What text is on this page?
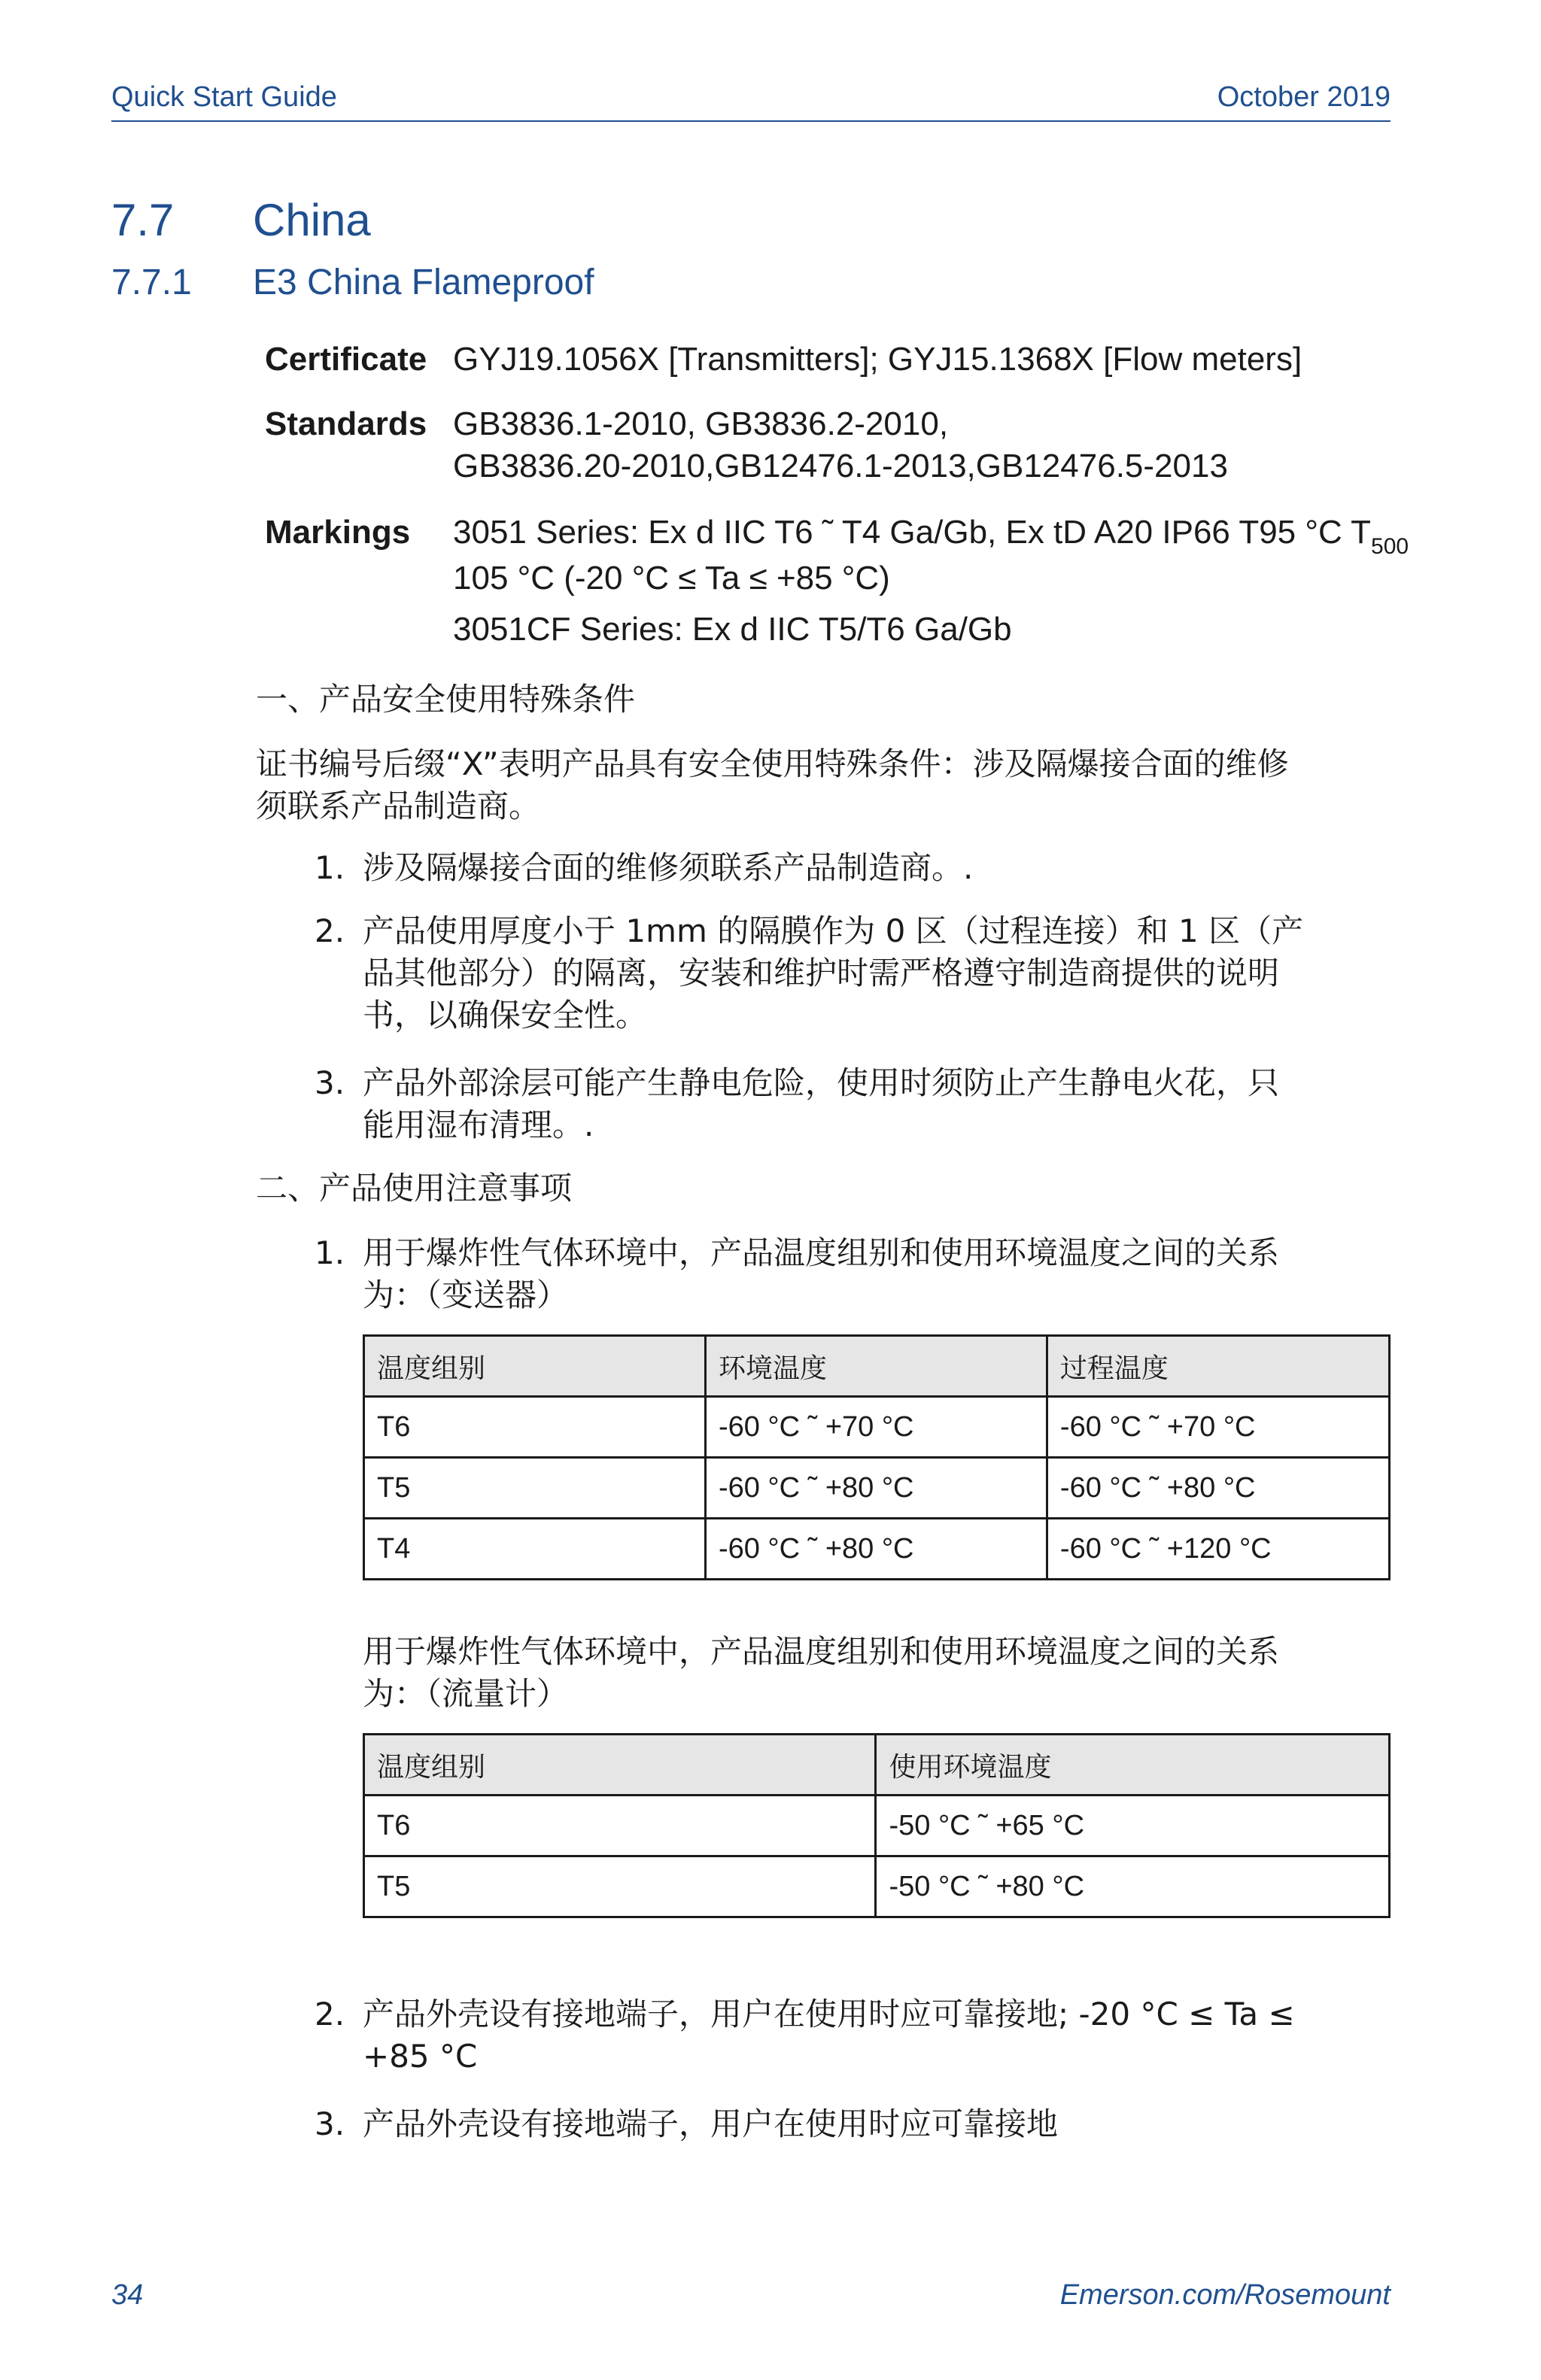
Quick Start Guide	October 2019
7.7 China
7.7.1 E3 China Flameproof
Certificate GYJ19.1056X [Transmitters]; GYJ15.1368X [Flow meters]
Standards GB3836.1-2010, GB3836.2-2010,
GB3836.20-2010,GB12476.1-2013,GB12476.5-2013
Markings 3051 Series: Ex d IIC T6 ˜ T4 Ga/Gb, Ex tD A20 IP66 T95 °C $T_{500}$
105 °C (-20 °C ≤ Ta ≤ +85 °C)
3051CF Series: Ex d IIC T5/T6 Ga/Gb
一、产品安全使用特殊条件
证书编号后缀“X”表明产品具有安全使用特殊条件：涉及隔爆接合面的维修
须联系产品制造商。
1. 涉及隔爆接合面的维修须联系产品制造商。.
2. 产品使用厚度小于 1mm 的隔膜作为 0 区（过程连接）和 1 区（产
品其他部分）的隔离，安装和维护时需严格遵守制造商提供的说明
书，以确保安全性。
3. 产品外部涂层可能产生静电危险，使用时须防止产生静电火花，只
能用湿布清理。.
二、产品使用注意事项
1. 用于爆炸性气体环境中，产品温度组别和使用环境温度之间的关系
为：（变送器）
温度组别	环境温度	过程温度
T6	-60 °C ˜ +70 °C	-60 °C ˜ +70 °C
T5	-60 °C ˜ +80 °C	-60 °C ˜ +80 °C
T4	-60 °C ˜ +80 °C	-60 °C ˜ +120 °C
用于爆炸性气体环境中，产品温度组别和使用环境温度之间的关系
为：（流量计）
温度组别	使用环境温度
T6	-50 °C ˜ +65 °C
T5	-50 °C ˜ +80 °C
2. 产品外壳设有接地端子，用户在使用时应可靠接地; -20 °C ≤ Ta ≤
+85 °C
3. 产品外壳设有接地端子，用户在使用时应可靠接地
34	Emerson.com/Rosemount
